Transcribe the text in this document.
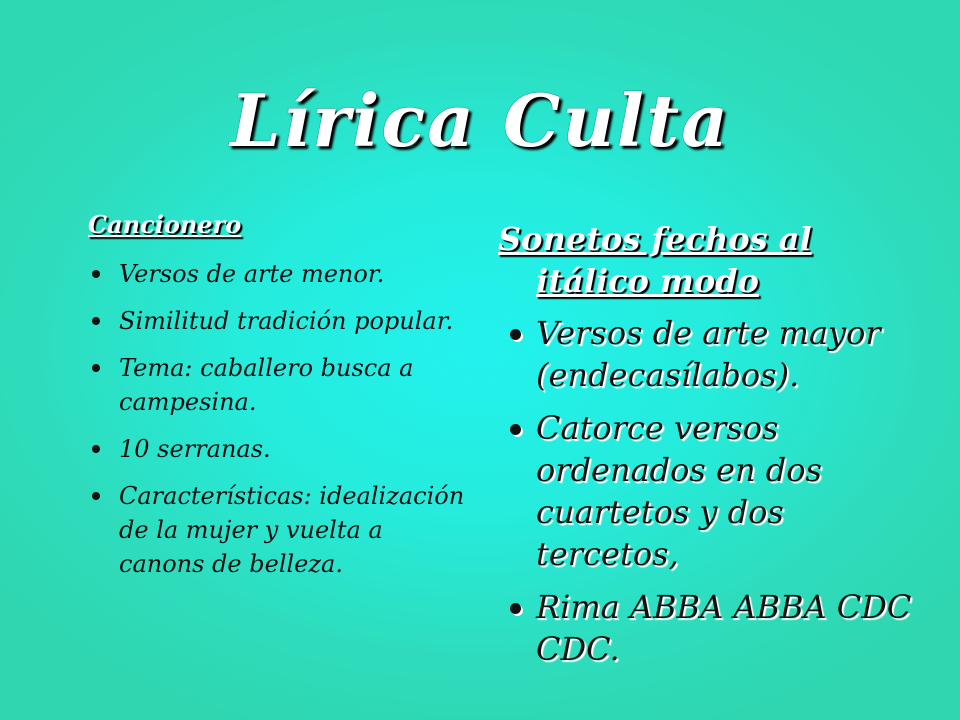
Lírica Culta
Cancionero
Versos de arte menor.
Similitud tradición popular.
Tema: caballero busca a campesina.
10 serranas.
Características: idealización de la mujer y vuelta a canons de belleza.
Sonetos fechos al itálico modo
Versos de arte mayor (endecasílabos).
Catorce versos ordenados en dos cuartetos y dos tercetos,
Rima ABBA ABBA CDC CDC.
